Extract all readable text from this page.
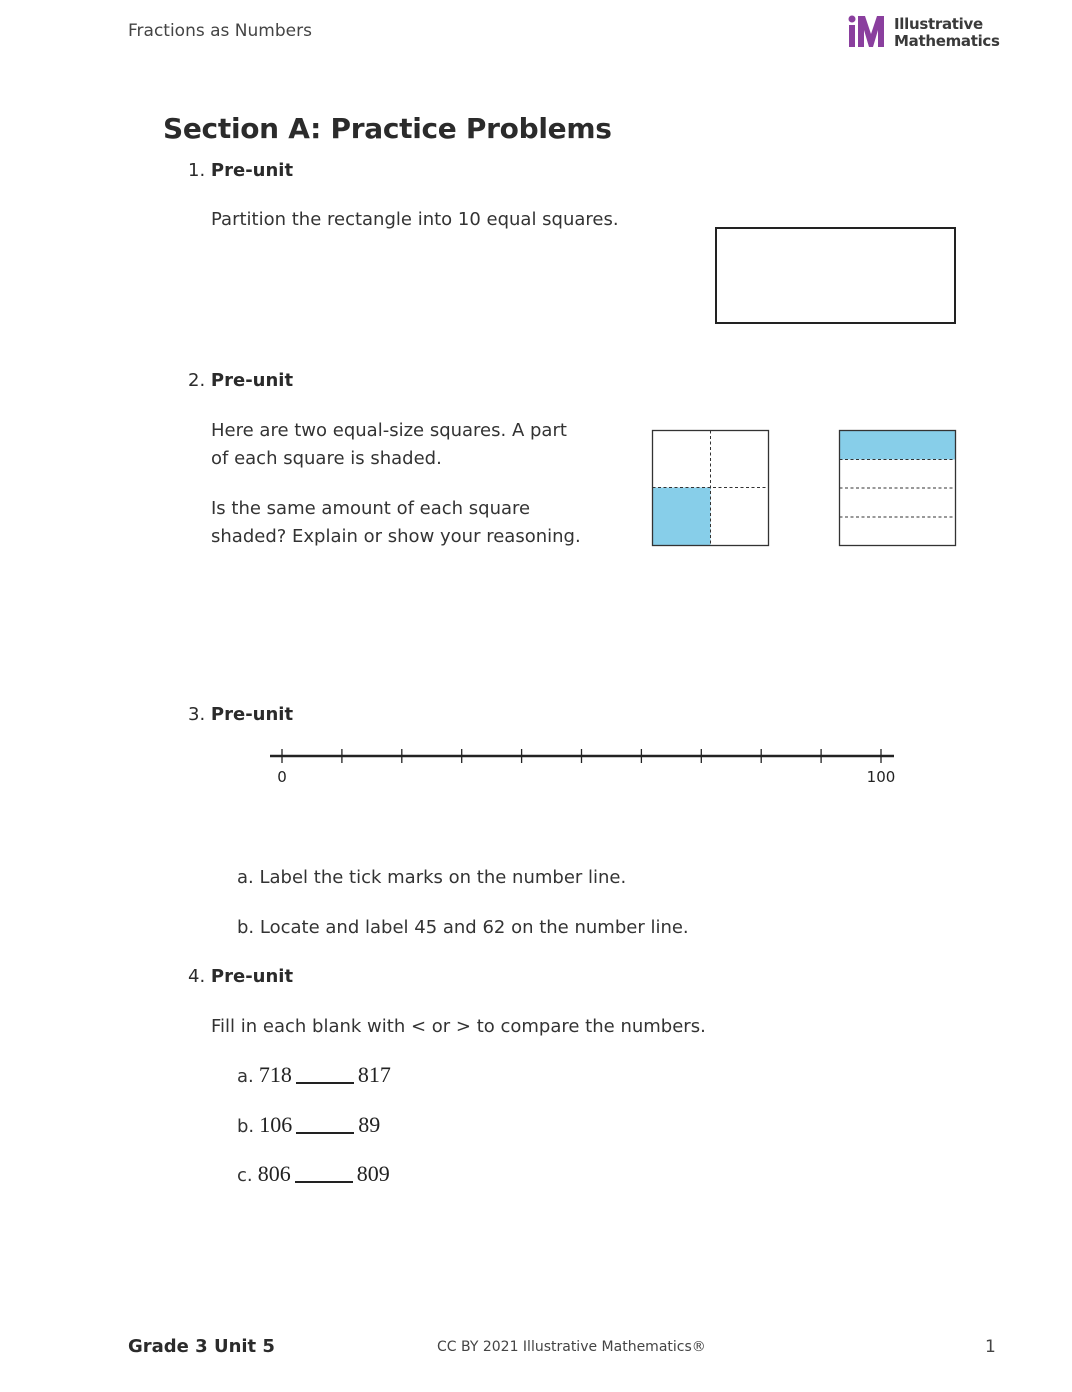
Fractions as Numbers	Illustrative
Mathematics
Section A: Practice Problems
1. Pre-unit
Partition the rectangle into 10 equal squares.
2. Pre-unit
Here are two equal-size squares. A part
of each square is shaded.
Is the same amount of each square
shaded? Explain or show your reasoning.
3. Pre-unit
0	100
a. Label the tick marks on the number line.
b. Locate and label 45 and 62 on the number line.
4. Pre-unit
Fill in each blank with < or > to compare the numbers.
a. 718	817
b. 106	89
c. 806	809
Grade 3 Unit 5	CC BY 2021 Illustrative Mathematics®	1
